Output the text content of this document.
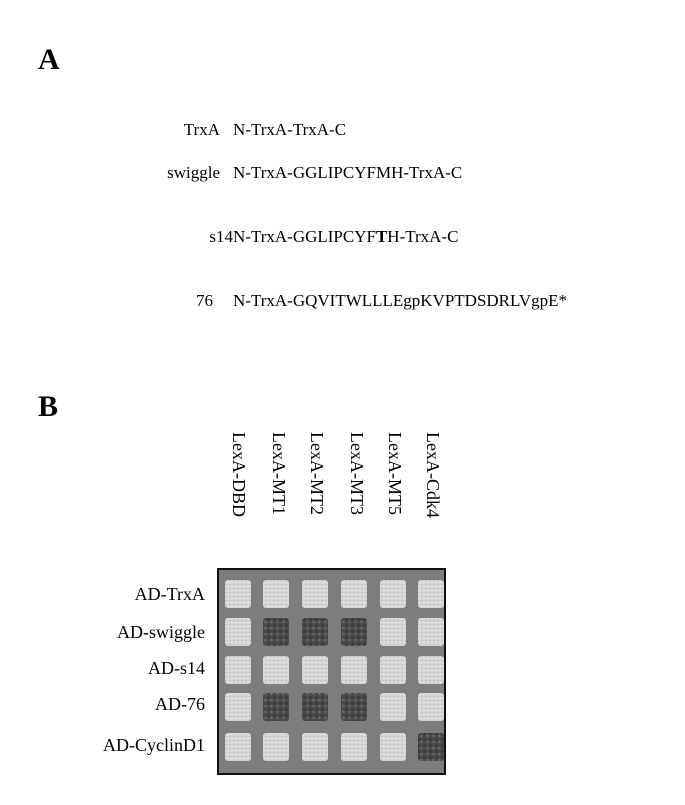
A
TrxA N-TrxA-TrxA-C
swiggle N-TrxA-GGLIPCYFMH-TrxA-C
s14 N-TrxA-GGLIPCYFTH-TrxA-C
76 N-TrxA-GQVITWLLLEgpKVPTDSDRLVgpE*
B
LexA-DBD LexA-MT1 LexA-MT2 LexA-MT3 LexA-MT5 LexA-Cdk4
AD-TrxA
AD-swiggle
AD-s14
AD-76
AD-CyclinD1
